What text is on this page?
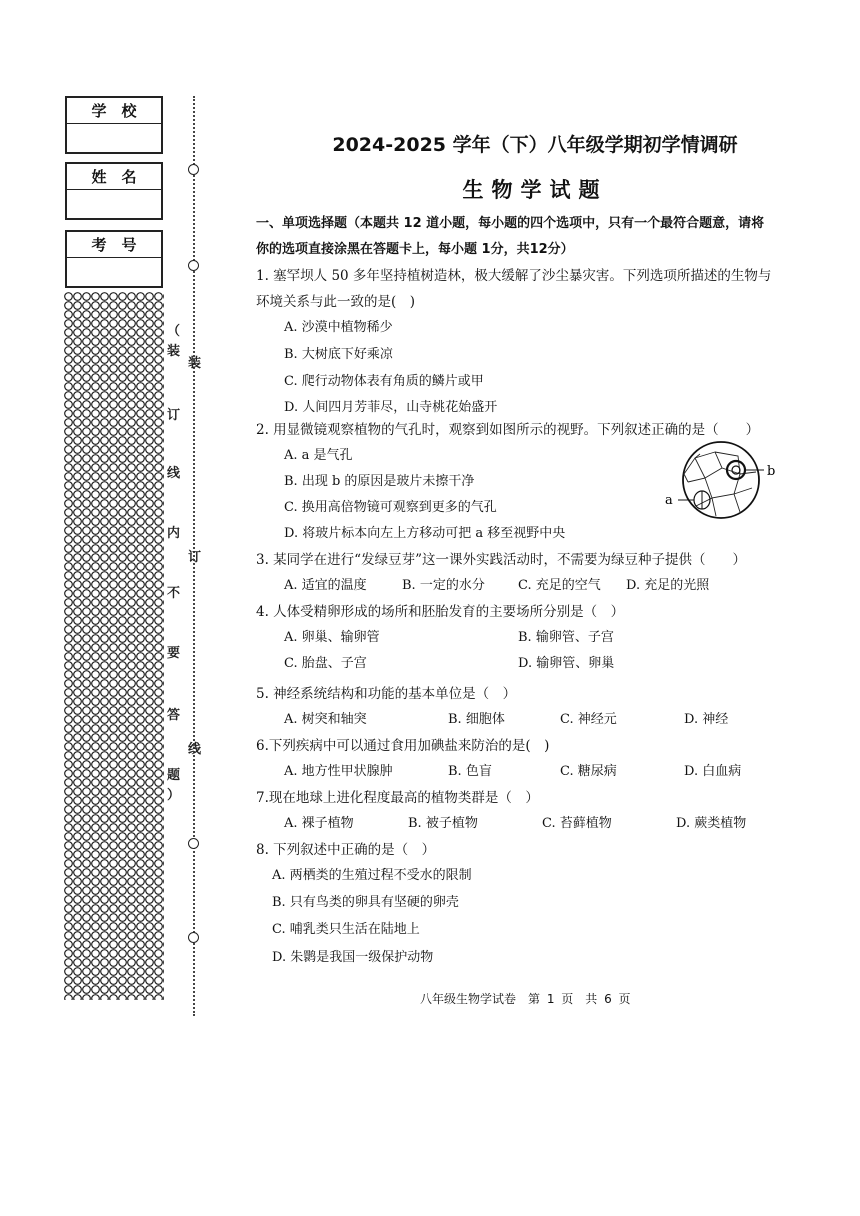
学　校
姓　名
考　号
（
装
订
线
内
不
要
答
题
）
装
订
线
2024-2025 学年（下）八年级学期初学情调研
生物学试题
一、单项选择题（本题共 12 道小题，每小题的四个选项中，只有一个最符合题意，请将
你的选项直接涂黑在答题卡上，每小题 1分，共12分）
1. 塞罕坝人 50 多年坚持植树造林，极大缓解了沙尘暴灾害。下列选项所描述的生物与
环境关系与此一致的是(　)
A. 沙漠中植物稀少
B. 大树底下好乘凉
C. 爬行动物体表有角质的鳞片或甲
D. 人间四月芳菲尽，山寺桃花始盛开
2. 用显微镜观察植物的气孔时，观察到如图所示的视野。下列叙述正确的是（　　）
A. a 是气孔
B. 出现 b 的原因是玻片未擦干净
C. 换用高倍物镜可观察到更多的气孔
D. 将玻片标本向左上方移动可把 a 移至视野中央
b
a
3. 某同学在进行“发绿豆芽”这一课外实践活动时，不需要为绿豆种子提供（　　）
A. 适宜的温度	B. 一定的水分	C. 充足的空气 D. 充足的光照
4. 人体受精卵形成的场所和胚胎发育的主要场所分别是（　）
A. 卵巢、输卵管	B. 输卵管、子宫
C. 胎盘、子宫	D. 输卵管、卵巢
5. 神经系统结构和功能的基本单位是（　）
A. 树突和轴突	B. 细胞体	C. 神经元	D. 神经
6.下列疾病中可以通过食用加碘盐来防治的是(　)
A. 地方性甲状腺肿	B. 色盲	C. 糖尿病	D. 白血病
7.现在地球上进化程度最高的植物类群是（　）
A. 裸子植物	B. 被子植物	C. 苔藓植物	D. 蕨类植物
8. 下列叙述中正确的是（　）
A. 两栖类的生殖过程不受水的限制
B. 只有鸟类的卵具有坚硬的卵壳
C. 哺乳类只生活在陆地上
D. 朱鹮是我国一级保护动物
八年级生物学试卷　第 1 页　共 6 页
